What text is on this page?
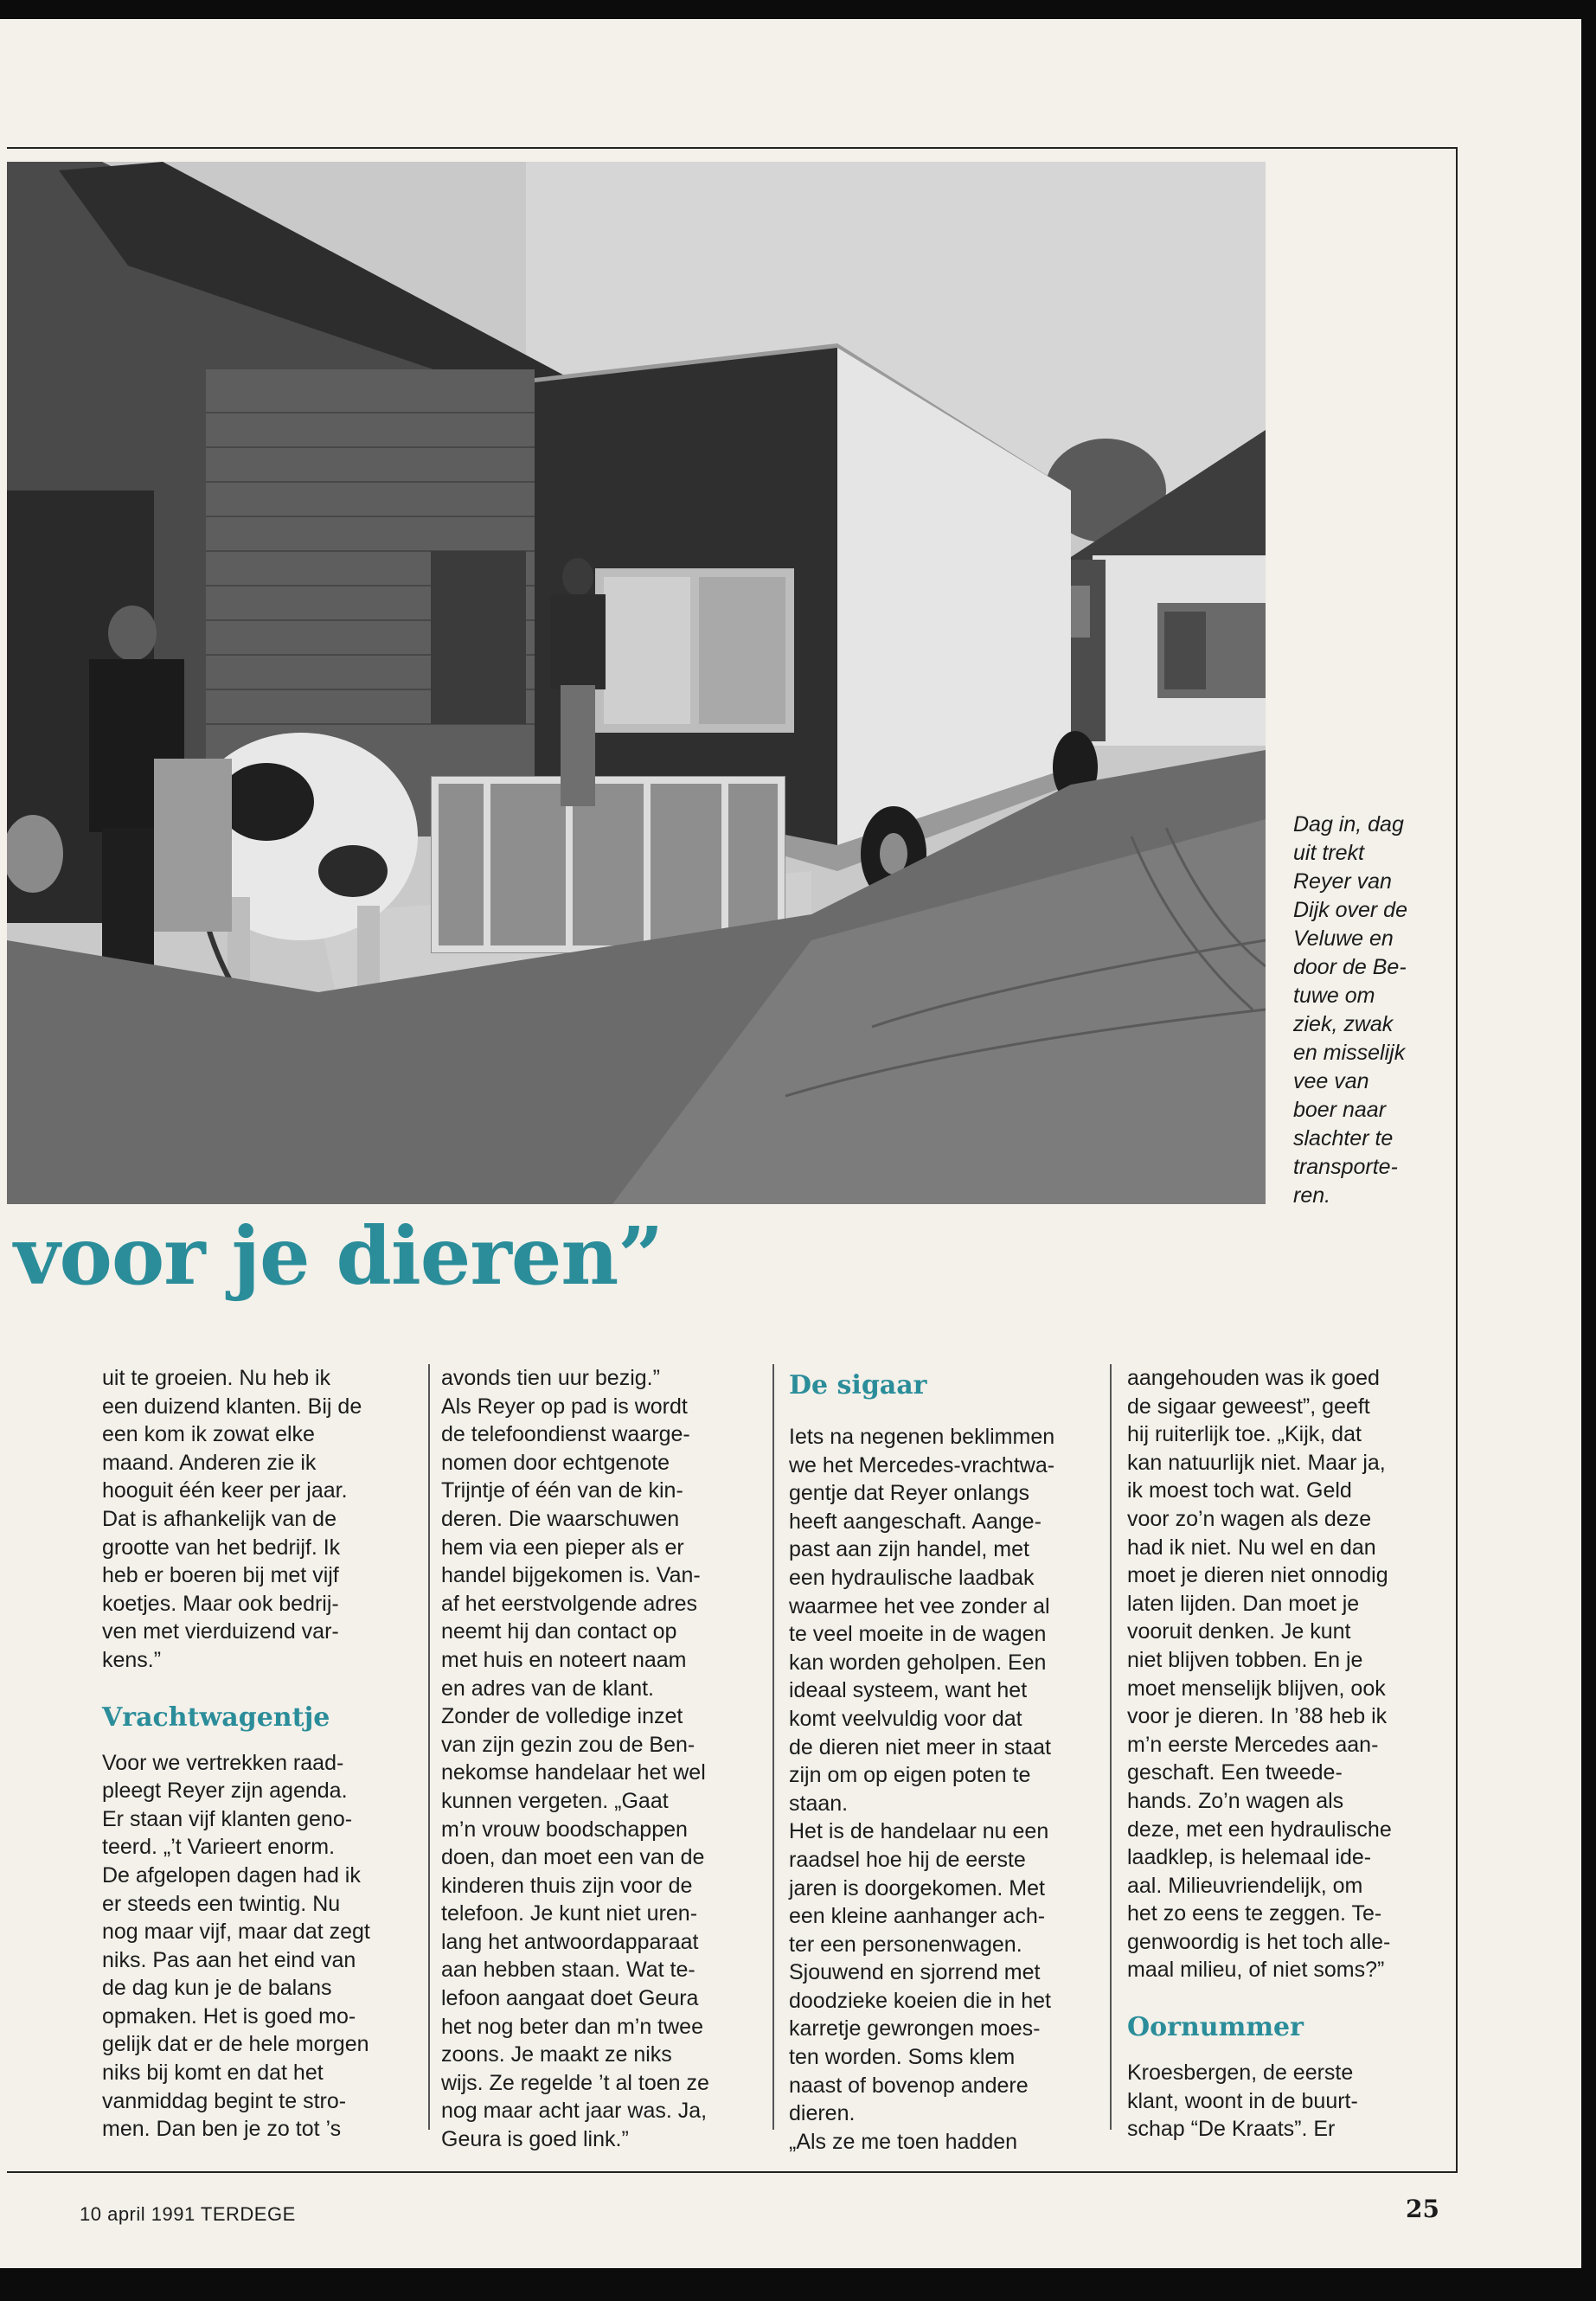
Dag in, dag
uit trekt
Reyer van
Dijk over de
Veluwe en
door de Be-
tuwe om
ziek, zwak
en misselijk
vee van
boer naar
slachter te
transporte-
ren.
voor je dieren”
uit te groeien. Nu heb ik
een duizend klanten. Bij de
een kom ik zowat elke
maand. Anderen zie ik
hooguit één keer per jaar.
Dat is afhankelijk van de
grootte van het bedrijf. Ik
heb er boeren bij met vijf
koetjes. Maar ook bedrij-
ven met vierduizend var-
kens.”
Vrachtwagentje
Voor we vertrekken raad-
pleegt Reyer zijn agenda.
Er staan vijf klanten geno-
teerd. „’t Varieert enorm.
De afgelopen dagen had ik
er steeds een twintig. Nu
nog maar vijf, maar dat zegt
niks. Pas aan het eind van
de dag kun je de balans
opmaken. Het is goed mo-
gelijk dat er de hele morgen
niks bij komt en dat het
vanmiddag begint te stro-
men. Dan ben je zo tot ’s
avonds tien uur bezig.”
Als Reyer op pad is wordt
de telefoondienst waarge-
nomen door echtgenote
Trijntje of één van de kin-
deren. Die waarschuwen
hem via een pieper als er
handel bijgekomen is. Van-
af het eerstvolgende adres
neemt hij dan contact op
met huis en noteert naam
en adres van de klant.
Zonder de volledige inzet
van zijn gezin zou de Ben-
nekomse handelaar het wel
kunnen vergeten. „Gaat
m’n vrouw boodschappen
doen, dan moet een van de
kinderen thuis zijn voor de
telefoon. Je kunt niet uren-
lang het antwoordapparaat
aan hebben staan. Wat te-
lefoon aangaat doet Geura
het nog beter dan m’n twee
zoons. Je maakt ze niks
wijs. Ze regelde ’t al toen ze
nog maar acht jaar was. Ja,
Geura is goed link.”
De sigaar
Iets na negenen beklimmen
we het Mercedes-vrachtwa-
gentje dat Reyer onlangs
heeft aangeschaft. Aange-
past aan zijn handel, met
een hydraulische laadbak
waarmee het vee zonder al
te veel moeite in de wagen
kan worden geholpen. Een
ideaal systeem, want het
komt veelvuldig voor dat
de dieren niet meer in staat
zijn om op eigen poten te
staan.
Het is de handelaar nu een
raadsel hoe hij de eerste
jaren is doorgekomen. Met
een kleine aanhanger ach-
ter een personenwagen.
Sjouwend en sjorrend met
doodzieke koeien die in het
karretje gewrongen moes-
ten worden. Soms klem
naast of bovenop andere
dieren.
„Als ze me toen hadden
aangehouden was ik goed
de sigaar geweest”, geeft
hij ruiterlijk toe. „Kijk, dat
kan natuurlijk niet. Maar ja,
ik moest toch wat. Geld
voor zo’n wagen als deze
had ik niet. Nu wel en dan
moet je dieren niet onnodig
laten lijden. Dan moet je
vooruit denken. Je kunt
niet blijven tobben. En je
moet menselijk blijven, ook
voor je dieren. In ’88 heb ik
m’n eerste Mercedes aan-
geschaft. Een tweede-
hands. Zo’n wagen als
deze, met een hydraulische
laadklep, is helemaal ide-
aal. Milieuvriendelijk, om
het zo eens te zeggen. Te-
genwoordig is het toch alle-
maal milieu, of niet soms?”
Oornummer
Kroesbergen, de eerste
klant, woont in de buurt-
schap “De Kraats”. Er
10 april 1991 TERDEGE	25
